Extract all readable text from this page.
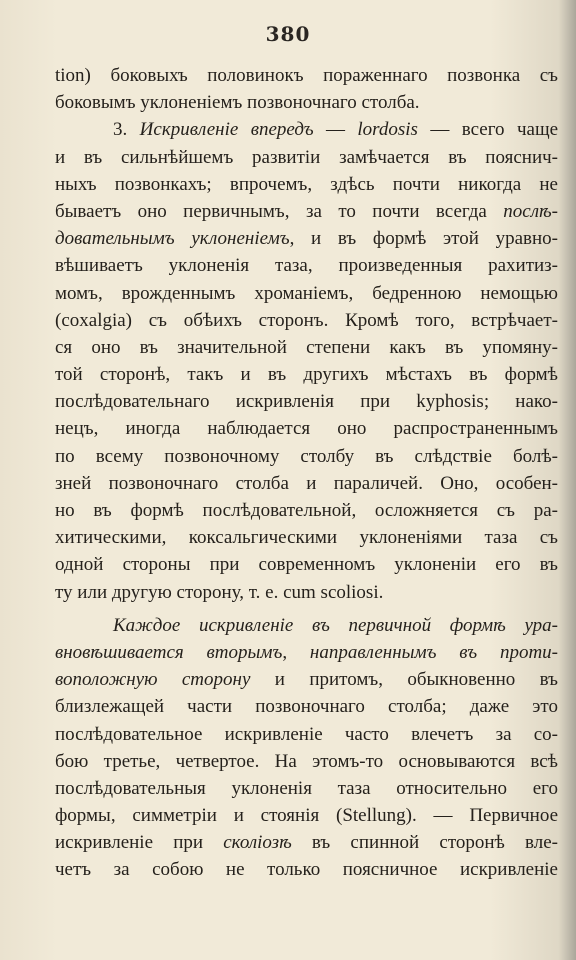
380
tion) боковыхъ половинокъ пораженнаго позвонка съ
боковымъ уклоненіемъ позвоночнаго столба.
3. Искривленіе впередъ — lordosis — всего чаще
и въ сильнѣйшемъ развитіи замѣчается въ пояснич-
ныхъ позвонкахъ; впрочемъ, здѣсь почти никогда не
бываетъ оно первичнымъ, за то почти всегда послѣ-
довательнымъ уклоненіемъ, и въ формѣ этой уравно-
вѣшиваетъ уклоненія таза, произведенныя рахитиз-
момъ, врожденнымъ хроманіемъ, бедренною немощью
(coxalgia) съ обѣихъ сторонъ. Кромѣ того, встрѣчает-
ся оно въ значительной степени какъ въ упомяну-
той сторонѣ, такъ и въ другихъ мѣстахъ въ формѣ
послѣдовательнаго искривленія при kyphosis; нако-
нецъ, иногда наблюдается оно распространеннымъ
по всему позвоночному столбу въ слѣдствіе болѣ-
зней позвоночнаго столба и параличей. Оно, особен-
но въ формѣ послѣдовательной, осложняется съ ра-
хитическими, коксальгическими уклоненіями таза съ
одной стороны при современномъ уклоненіи его въ
ту или другую сторону, т. е. cum scoliosi.
Каждое искривленіе въ первичной формѣ ура-
вновѣшивается вторымъ, направленнымъ въ проти-
воположную сторону и притомъ, обыкновенно въ
близлежащей части позвоночнаго столба; даже это
послѣдовательное искривленіе часто влечетъ за со-
бою третье, четвертое. На этомъ-то основываются всѣ
послѣдовательныя уклоненія таза относительно его
формы, симметріи и стоянія (Stellung). — Первичное
искривленіе при сколіозѣ въ спинной сторонѣ вле-
четъ за собою не только поясничное искривленіе
